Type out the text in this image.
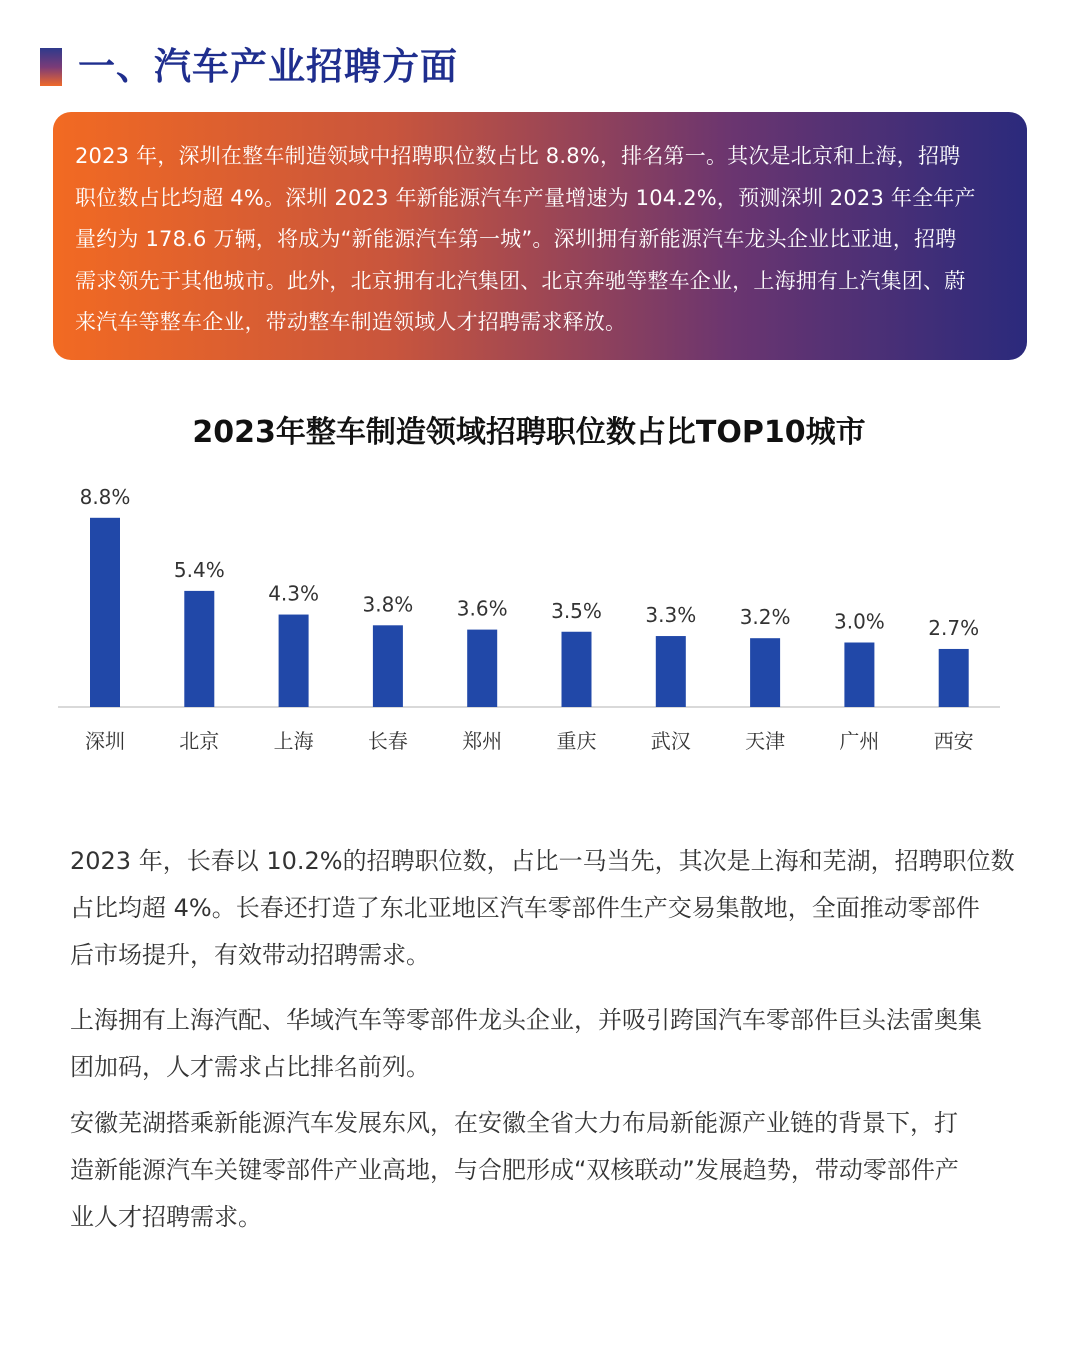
一、汽车产业招聘方面
2023 年，深圳在整车制造领域中招聘职位数占比 8.8%，排名第一。其次是北京和上海，招聘
职位数占比均超 4%。深圳 2023 年新能源汽车产量增速为 104.2%，预测深圳 2023 年全年产
量约为 178.6 万辆，将成为“新能源汽车第一城”。深圳拥有新能源汽车龙头企业比亚迪，招聘
需求领先于其他城市。此外，北京拥有北汽集团、北京奔驰等整车企业，上海拥有上汽集团、蔚
来汽车等整车企业，带动整车制造领域人才招聘需求释放。
2023年整车制造领域招聘职位数占比TOP10城市
8.8%
深圳
5.4%
北京
4.3%
上海
3.8%
长春
3.6%
郑州
3.5%
重庆
3.3%
武汉
3.2%
天津
3.0%
广州
2.7%
西安
2023 年，长春以 10.2%的招聘职位数，占比一马当先，其次是上海和芜湖，招聘职位数
占比均超 4%。长春还打造了东北亚地区汽车零部件生产交易集散地，全面推动零部件
后市场提升，有效带动招聘需求。
上海拥有上海汽配、华域汽车等零部件龙头企业，并吸引跨国汽车零部件巨头法雷奥集
团加码，人才需求占比排名前列。
安徽芜湖搭乘新能源汽车发展东风，在安徽全省大力布局新能源产业链的背景下，打
造新能源汽车关键零部件产业高地，与合肥形成“双核联动”发展趋势，带动零部件产
业人才招聘需求。
